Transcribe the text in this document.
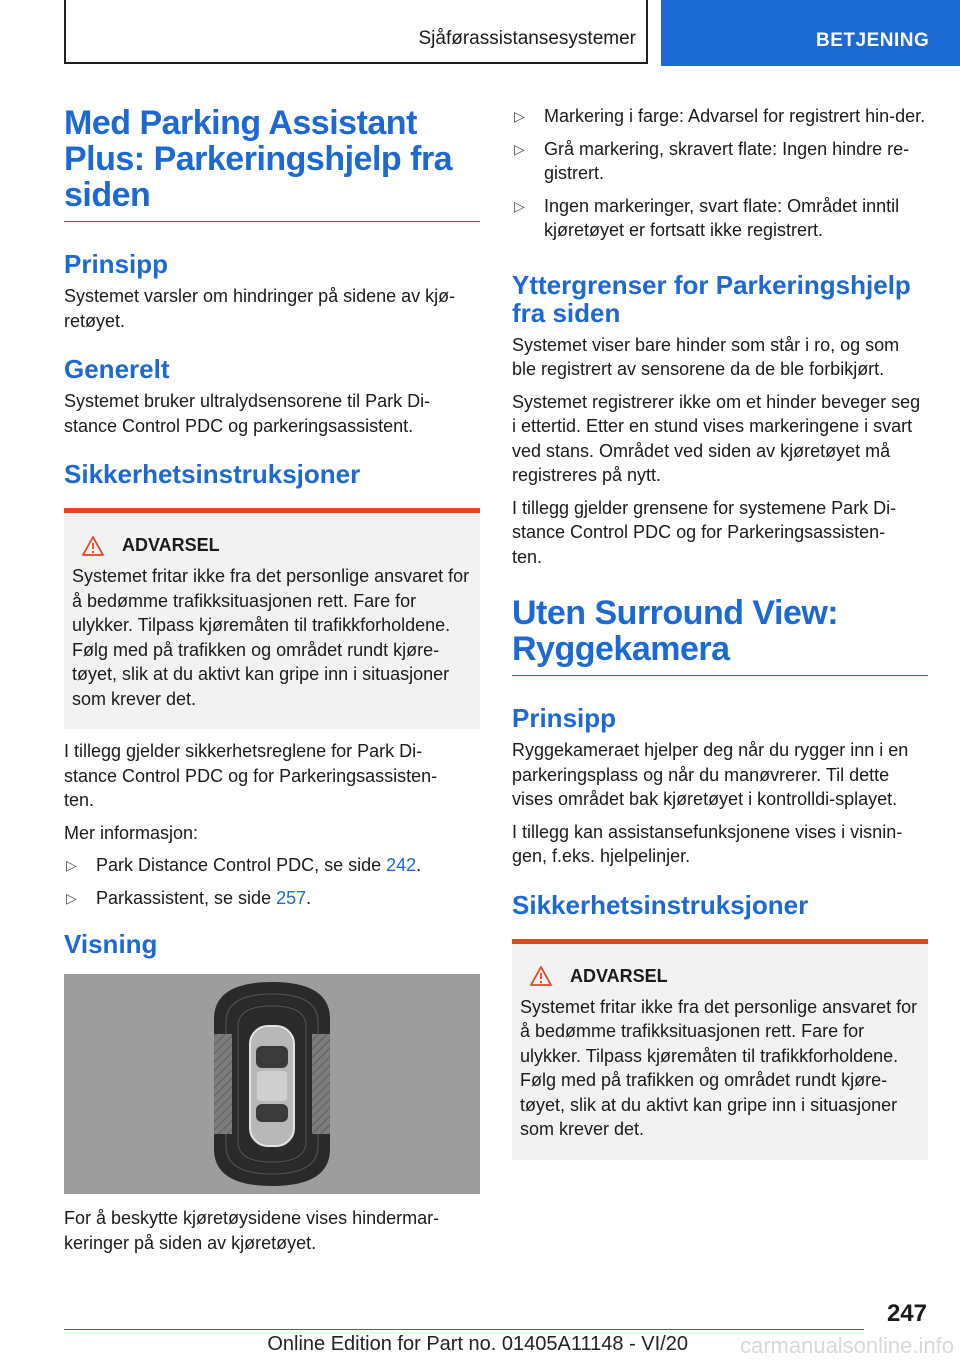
Sjåførassistansesystemer	BETJENING
Med Parking Assistant Plus: Parkeringshjelp fra siden
Prinsipp

Systemet varsler om hindringer på sidene av kjø-retøyet.

Generelt

Systemet bruker ultralydsensorene til Park Di-stance Control PDC og parkeringsassistent.

Sikkerhetsinstruksjoner
ADVARSEL

Systemet fritar ikke fra det personlige ansvaret for å bedømme trafikksituasjonen rett. Fare for ulykker. Tilpass kjøremåten til trafikkforholdene. Følg med på trafikken og området rundt kjøre-tøyet, slik at du aktivt kan gripe inn i situasjoner som krever det.

I tillegg gjelder sikkerhetsreglene for Park Di-stance Control PDC og for Parkeringsassisten-ten.

Mer informasjon:

▷	Park Distance Control PDC, se side 242.
▷	Parkassistent, se side 257.
Visning

For å beskytte kjøretøysidene vises hindermar-keringer på siden av kjøretøyet.

▷	Markering i farge: Advarsel for registrert hin-der.
▷	Grå markering, skravert flate: Ingen hindre re-gistrert.
▷	Ingen markeringer, svart flate: Området inntil kjøretøyet er fortsatt ikke registrert.
Yttergrenser for Parkeringshjelp fra siden

Systemet viser bare hinder som står i ro, og som ble registrert av sensorene da de ble forbikjørt.

Systemet registrerer ikke om et hinder beveger seg i ettertid. Etter en stund vises markeringene i svart ved stans. Området ved siden av kjøretøyet må registreres på nytt.

I tillegg gjelder grensene for systemene Park Di-stance Control PDC og for Parkeringsassisten-ten.

Uten Surround View: Ryggekamera
Prinsipp

Ryggekameraet hjelper deg når du rygger inn i en parkeringsplass og når du manøvrerer. Til dette vises området bak kjøretøyet i kontrolldi-splayet.

I tillegg kan assistansefunksjonene vises i visnin-gen, f.eks. hjelpelinjer.

Sikkerhetsinstruksjoner
ADVARSEL

Systemet fritar ikke fra det personlige ansvaret for å bedømme trafikksituasjonen rett. Fare for ulykker. Tilpass kjøremåten til trafikkforholdene. Følg med på trafikken og området rundt kjøre-tøyet, slik at du aktivt kan gripe inn i situasjoner som krever det.

247
carmanualsonline.info
Online Edition for Part no. 01405A11148 - VI/20
